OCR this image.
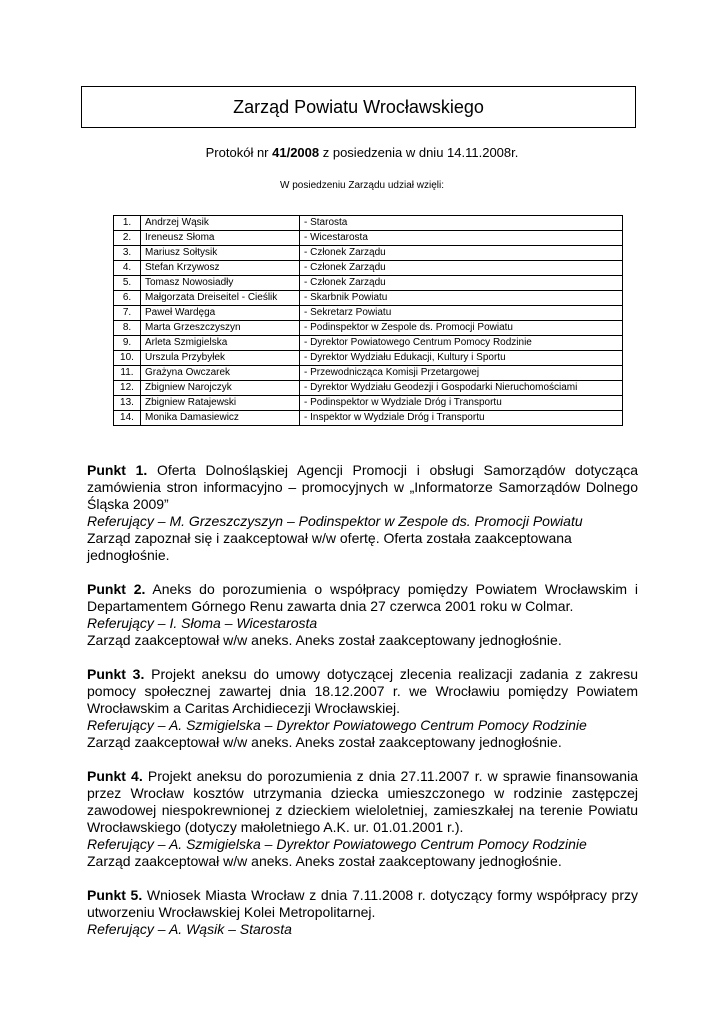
Zarząd Powiatu Wrocławskiego
Protokół nr 41/2008 z posiedzenia w dniu 14.11.2008r.
W posiedzeniu Zarządu udział wzięli:
1.	Andrzej Wąsik	- Starosta
2.	Ireneusz Słoma	- Wicestarosta
3.	Mariusz Sołtysik	- Członek Zarządu
4.	Stefan Krzywosz	- Członek Zarządu
5.	Tomasz Nowosiadły	- Członek Zarządu
6.	Małgorzata Dreiseitel - Cieślik	- Skarbnik Powiatu
7.	Paweł Wardęga	- Sekretarz Powiatu
8.	Marta Grzeszczyszyn	- Podinspektor w Zespole ds. Promocji Powiatu
9.	Arleta Szmigielska	- Dyrektor Powiatowego Centrum Pomocy Rodzinie
10.	Urszula Przybyłek	- Dyrektor Wydziału Edukacji, Kultury i Sportu
11.	Grażyna Owczarek	- Przewodnicząca Komisji Przetargowej
12.	Zbigniew Narojczyk	- Dyrektor Wydziału Geodezji i Gospodarki Nieruchomościami
13.	Zbigniew Ratajewski	- Podinspektor w Wydziale Dróg i Transportu
14.	Monika Damasiewicz	- Inspektor w Wydziale Dróg i Transportu

Punkt 1. Oferta Dolnośląskiej Agencji Promocji i obsługi Samorządów dotycząca zamówienia stron informacyjno – promocyjnych w „Informatorze Samorządów Dolnego Śląska 2009”

Referujący – M. Grzeszczyszyn – Podinspektor w Zespole ds. Promocji Powiatu

Zarząd zapoznał się i zaakceptował w/w ofertę. Oferta została zaakceptowana jednogłośnie.

Punkt 2. Aneks do porozumienia o współpracy pomiędzy Powiatem Wrocławskim i Departamentem Górnego Renu zawarta dnia 27 czerwca 2001 roku w Colmar.

Referujący – I. Słoma – Wicestarosta

Zarząd zaakceptował w/w aneks. Aneks został zaakceptowany jednogłośnie.

Punkt 3. Projekt aneksu do umowy dotyczącej zlecenia realizacji zadania z zakresu pomocy społecznej zawartej dnia 18.12.2007 r. we Wrocławiu pomiędzy Powiatem Wrocławskim a Caritas Archidiecezji Wrocławskiej.

Referujący – A. Szmigielska – Dyrektor Powiatowego Centrum Pomocy Rodzinie

Zarząd zaakceptował w/w aneks. Aneks został zaakceptowany jednogłośnie.

Punkt 4. Projekt aneksu do porozumienia z dnia 27.11.2007 r. w sprawie finansowania przez Wrocław kosztów utrzymania dziecka umieszczonego w rodzinie zastępczej zawodowej niespokrewnionej z dzieckiem wieloletniej, zamieszkałej na terenie Powiatu Wrocławskiego (dotyczy małoletniego A.K. ur. 01.01.2001 r.).

Referujący – A. Szmigielska – Dyrektor Powiatowego Centrum Pomocy Rodzinie

Zarząd zaakceptował w/w aneks. Aneks został zaakceptowany jednogłośnie.

Punkt 5. Wniosek Miasta Wrocław z dnia 7.11.2008 r. dotyczący formy współpracy przy utworzeniu Wrocławskiej Kolei Metropolitarnej.

Referujący – A. Wąsik – Starosta
